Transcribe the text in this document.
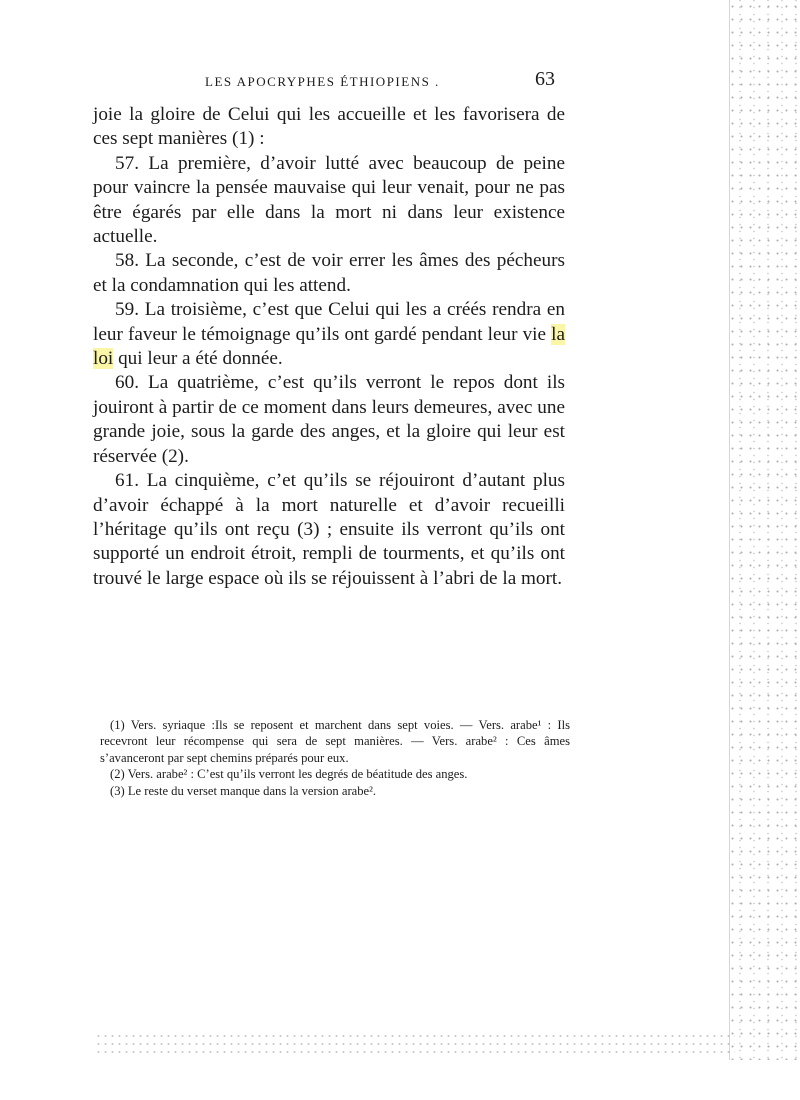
LES APOCRYPHES ÉTHIOPIENS .	63

joie la gloire de Celui qui les accueille et les favorisera de ces sept manières (1) :

57. La première, d’avoir lutté avec beaucoup de peine pour vaincre la pensée mauvaise qui leur venait, pour ne pas être égarés par elle dans la mort ni dans leur existence actuelle.

58. La seconde, c’est de voir errer les âmes des pécheurs et la condamnation qui les attend.

59. La troisième, c’est que Celui qui les a créés rendra en leur faveur le témoignage qu’ils ont gardé pendant leur vie la loi qui leur a été donnée.

60. La quatrième, c’est qu’ils verront le repos dont ils jouiront à partir de ce moment dans leurs demeures, avec une grande joie, sous la garde des anges, et la gloire qui leur est réservée (2).

61. La cinquième, c’et qu’ils se réjouiront d’autant plus d’avoir échappé à la mort naturelle et d’avoir recueilli l’héritage qu’ils ont reçu (3) ; ensuite ils verront qu’ils ont supporté un endroit étroit, rempli de tourments, et qu’ils ont trouvé le large espace où ils se réjouissent à l’abri de la mort.

(1) Vers. syriaque :Ils se reposent et marchent dans sept voies. — Vers. arabe¹ : Ils recevront leur récompense qui sera de sept manières. — Vers. arabe² : Ces âmes s’avanceront par sept chemins préparés pour eux.

(2) Vers. arabe² : C’est qu’ils verront les degrés de béatitude des anges.

(3) Le reste du verset manque dans la version arabe².
